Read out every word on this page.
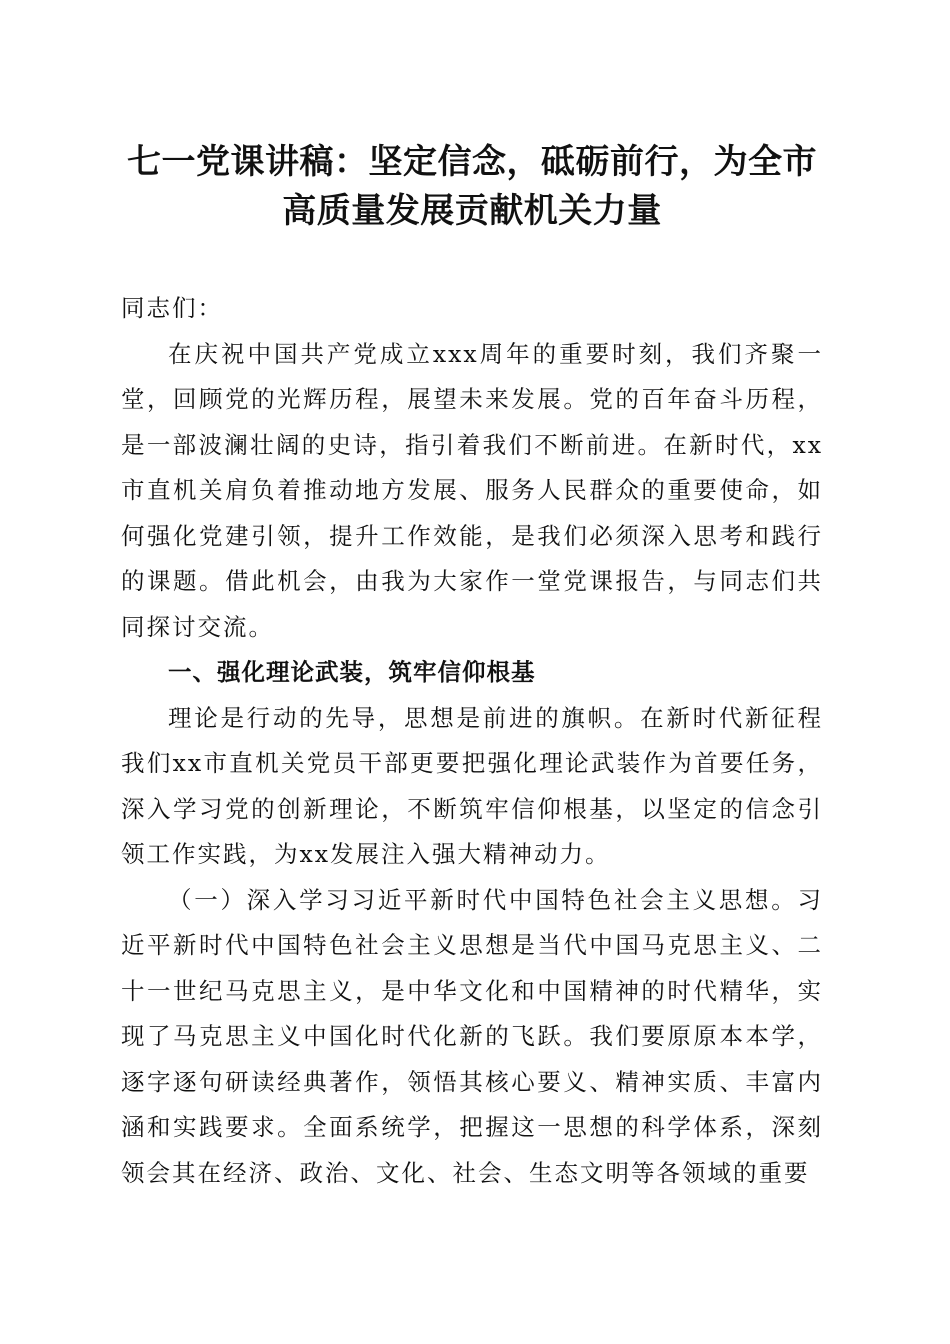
七一党课讲稿：坚定信念，砥砺前行，为全市
高质量发展贡献机关力量

同志们：

在庆祝中国共产党成立xxx周年的重要时刻，我们齐聚一堂，回顾党的光辉历程，展望未来发展。党的百年奋斗历程，是一部波澜壮阔的史诗，指引着我们不断前进。在新时代，xx市直机关肩负着推动地方发展、服务人民群众的重要使命，如何强化党建引领，提升工作效能，是我们必须深入思考和践行的课题。借此机会，由我为大家作一堂党课报告，与同志们共同探讨交流。

一、强化理论武装，筑牢信仰根基

理论是行动的先导，思想是前进的旗帜。在新时代新征程我们xx市直机关党员干部更要把强化理论武装作为首要任务，深入学习党的创新理论，不断筑牢信仰根基，以坚定的信念引领工作实践，为xx发展注入强大精神动力。

（一）深入学习习近平新时代中国特色社会主义思想。习近平新时代中国特色社会主义思想是当代中国马克思主义、二十一世纪马克思主义，是中华文化和中国精神的时代精华，实现了马克思主义中国化时代化新的飞跃。我们要原原本本学，逐字逐句研读经典著作，领悟其核心要义、精神实质、丰富内涵和实践要求。全面系统学，把握这一思想的科学体系，深刻领会其在经济、政治、文化、社会、生态文明等各领域的重要
